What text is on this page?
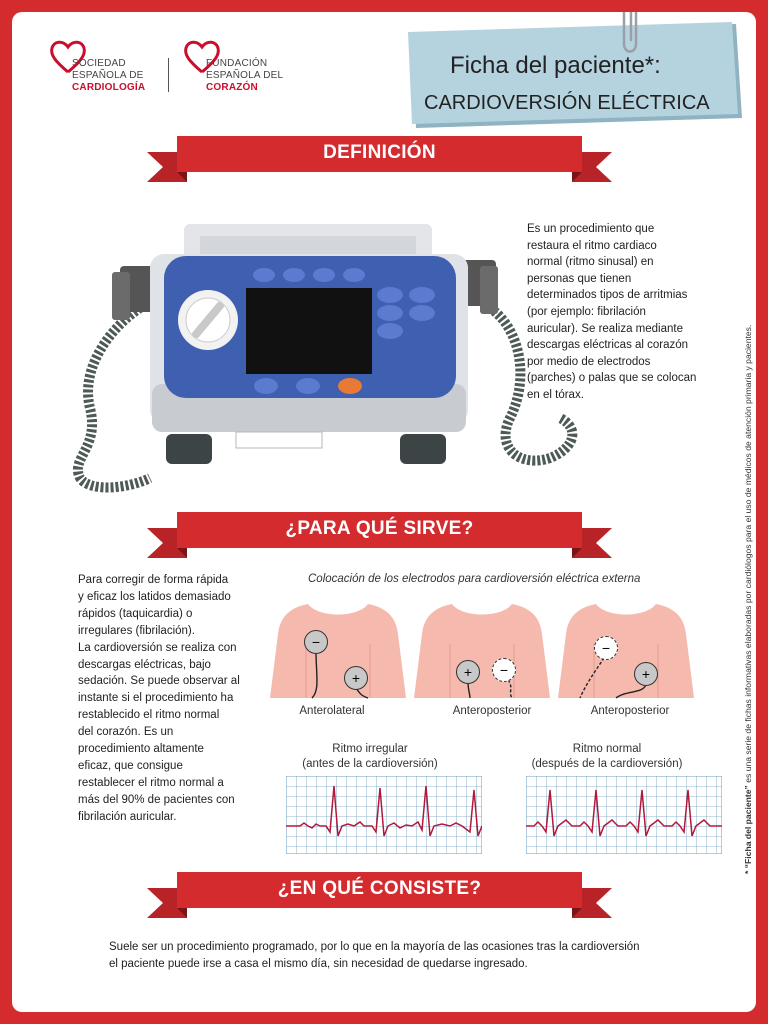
SOCIEDAD
ESPAÑOLA DE
CARDIOLOGÍA
FUNDACIÓN
ESPAÑOLA DEL
CORAZÓN
Ficha del paciente*:
CARDIOVERSIÓN ELÉCTRICA
DEFINICIÓN
Es un procedimiento que
restaura el ritmo cardiaco
normal (ritmo sinusal) en
personas que tienen
determinados tipos de arritmias
(por ejemplo: fibrilación
auricular). Se realiza mediante
descargas eléctricas al corazón
por medio de electrodos
(parches) o palas que se colocan
en el tórax.
¿PARA QUÉ SIRVE?
Para corregir de forma rápida
y eficaz los latidos demasiado
rápidos (taquicardia) o
irregulares (fibrilación).
La cardioversión se realiza con
descargas eléctricas, bajo
sedación. Se puede observar al
instante si el procedimiento ha
restablecido el ritmo normal
del corazón. Es un
procedimiento altamente
eficaz, que consigue
restablecer el ritmo normal a
más del 90% de pacientes con
fibrilación auricular.
Colocación de los electrodos para cardioversión eléctrica externa
−
+
Anterolateral
+	−
Anteroposterior
−
+
Anteroposterior
Ritmo irregular
(antes de la cardioversión)
Ritmo normal
(después de la cardioversión)
¿EN QUÉ CONSISTE?
Suele ser un procedimiento programado, por lo que en la mayoría de las ocasiones tras la cardioversión
el paciente puede irse a casa el mismo día, sin necesidad de quedarse ingresado.
* “Ficha del paciente” es una serie de fichas informativas elaboradas por cardiólogos para el uso de médicos de atención primaria y pacientes.
